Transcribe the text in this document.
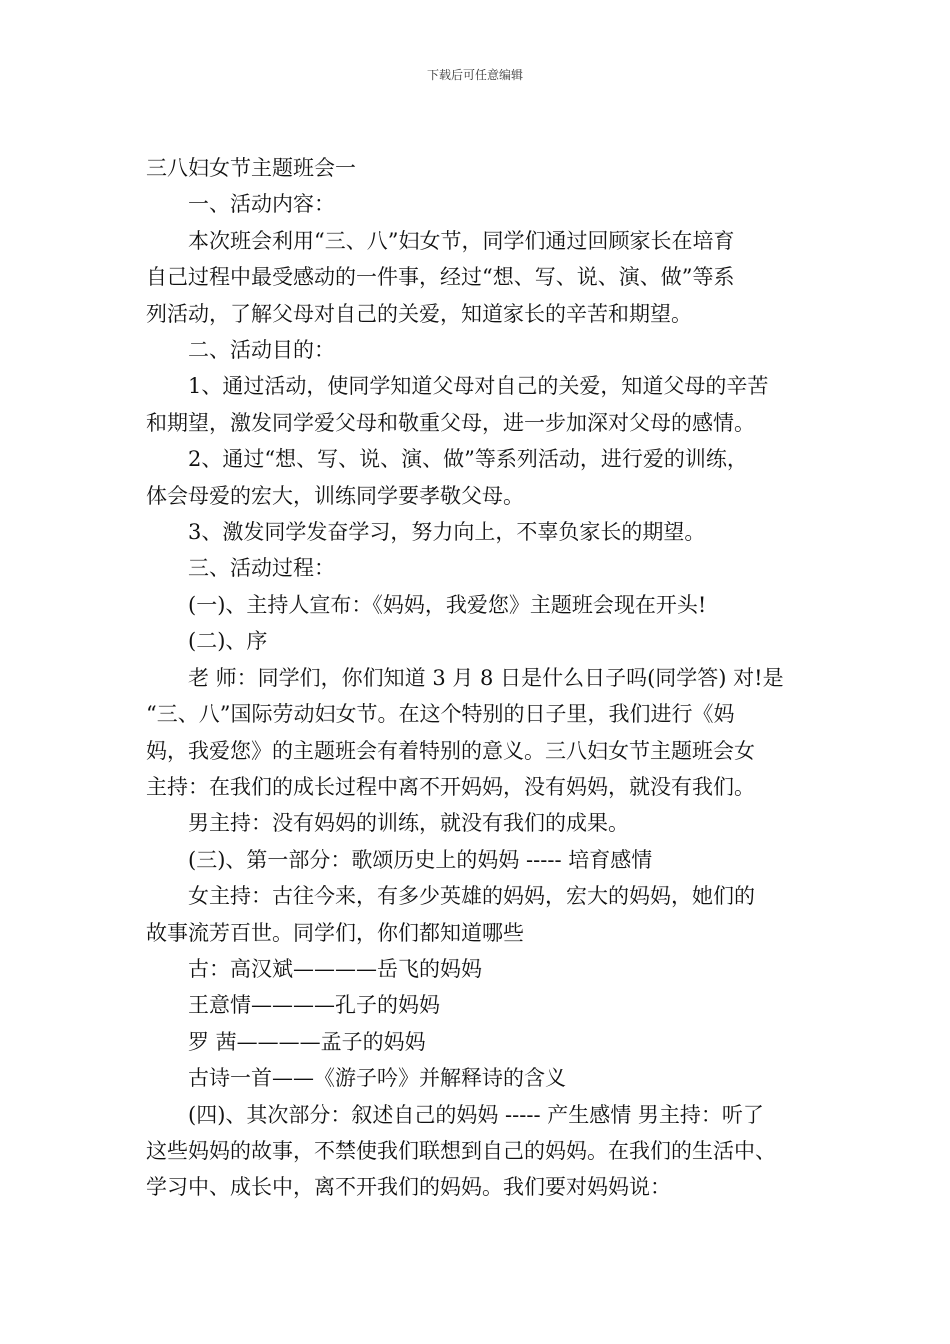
下载后可任意编辑

三八妇女节主题班会一

一、活动内容：

本次班会利用“三、八”妇女节，同学们通过回顾家长在培育

自己过程中最受感动的一件事，经过“想、写、说、演、做”等系

列活动，了解父母对自己的关爱，知道家长的辛苦和期望。

二、活动目的：

1、通过活动，使同学知道父母对自己的关爱，知道父母的辛苦

和期望，激发同学爱父母和敬重父母，进一步加深对父母的感情。

2、通过“想、写、说、演、做”等系列活动，进行爱的训练，

体会母爱的宏大，训练同学要孝敬父母。

3、激发同学发奋学习，努力向上，不辜负家长的期望。

三、活动过程：

(一)、主持人宣布：《妈妈，我爱您》主题班会现在开头!

(二)、序

老 师：同学们，你们知道 3 月 8 日是什么日子吗(同学答) 对!是

“三、八”国际劳动妇女节。在这个特别的日子里，我们进行《妈

妈，我爱您》的主题班会有着特别的意义。三八妇女节主题班会女

主持：在我们的成长过程中离不开妈妈，没有妈妈，就没有我们。

男主持：没有妈妈的训练，就没有我们的成果。

(三)、第一部分：歌颂历史上的妈妈 ----- 培育感情

女主持：古往今来，有多少英雄的妈妈，宏大的妈妈，她们的

故事流芳百世。同学们，你们都知道哪些

古：高汉斌————岳飞的妈妈

王意情————孔子的妈妈

罗 茜————孟子的妈妈

古诗一首——《游子吟》并解释诗的含义

(四)、其次部分：叙述自己的妈妈 ----- 产生感情 男主持：听了

这些妈妈的故事，不禁使我们联想到自己的妈妈。在我们的生活中、

学习中、成长中，离不开我们的妈妈。我们要对妈妈说：
